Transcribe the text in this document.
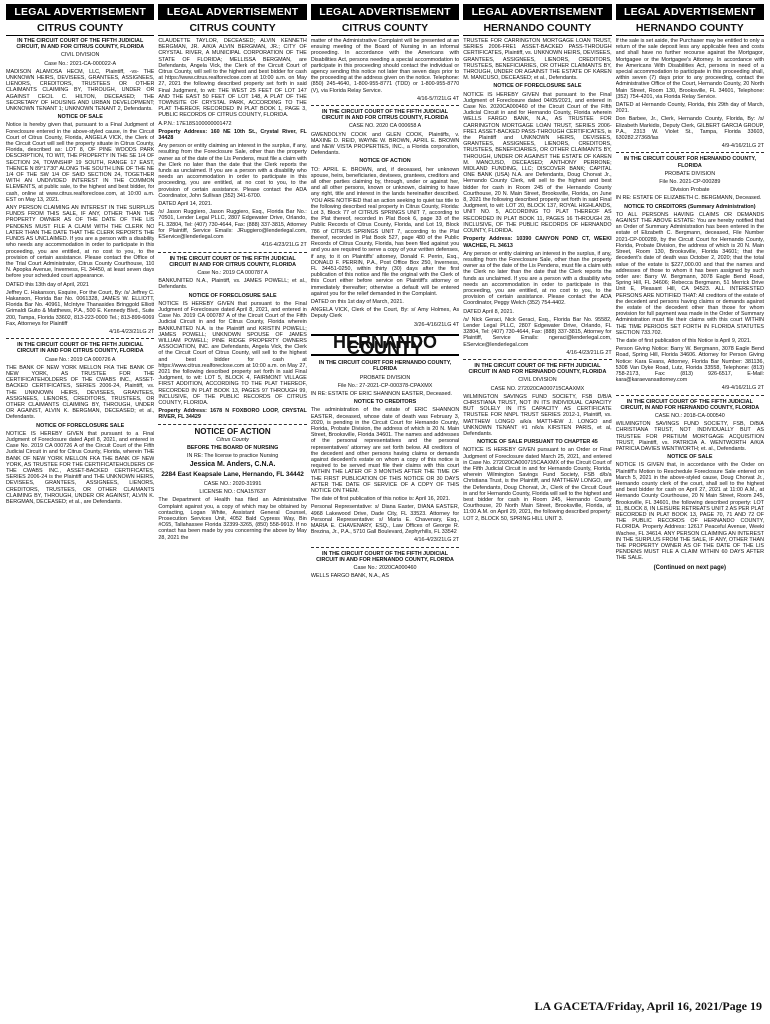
LEGAL ADVERTISEMENT
CITRUS COUNTY

IN THE CIRCUIT COURT OF THE FIFTH JUDICIAL CIRCUIT, IN AND FOR CITRUS COUNTY, FLORIDA

CIVIL DIVISION

Case No.: 2021-CA-000022-A

MADISON ALAMOSA HECM, LLC, Plaintiff, -vs- THE UNKNOWN HEIRS, DEVISEES, GRANTEES, ASSIGNEES, LIENORS, CREDITORS, TRUSTEES OR OTHER CLAIMANTS CLAIMING BY, THROUGH, UNDER OR AGAINST CECIL C. HILTON, DECEASED; THE SECRETARY OF HOUSING AND URBAN DEVELOPMENT; UNKNOWN TENANT 1; UNKNOWN TENANT 2, Defendants.

NOTICE OF SALE

Notice is hereby given that, pursuant to a Final Judgment of Foreclosure entered in the above-styled cause, in the Circuit Court of Citrus County, Florida, ANGELA VICK, the Clerk of the Circuit Court will sell the property situate in Citrus County, Florida, described as: LOT 8, OF PINE WOODS PARK DESCRIPTION, TO WIT, THE PROPERTY IN THE SE 1/4 OF SECTION 24, TOWNSHIP 19 SOUTH, RANGE 17 EAST, THENCE N 89°17'30" ALONG THE SOUTH LINE OF THE NE 1/4 OF THE SW 1/4 OF SAID SECTION 24, TOGETHER WITH AN UNDIVIDED INTEREST IN THE COMMON ELEMENTS, at public sale, to the highest and best bidder, for cash, online at www.citrus.realforeclose.com, at 10:00 a.m. EST on May 13, 2021.

ANY PERSON CLAIMING AN INTEREST IN THE SURPLUS FUNDS FROM THIS SALE, IF ANY, OTHER THAN THE PROPERTY OWNER AS OF THE DATE OF THE LIS PENDENS MUST FILE A CLAIM WITH THE CLERK NO LATER THAN THE DATE THAT THE CLERK REPORTS THE FUNDS AS UNCLAIMED. If you are a person with a disability who needs any accommodation in order to participate in this proceeding, you are entitled, at no cost to you, to the provision of certain assistance. Please contact the Office of the Trial Court Administrator, Citrus County Courthouse, 110 N. Apopka Avenue, Inverness, FL 34450, at least seven days before your scheduled court appearance.

DATED this 13th day of April, 2021

Jeffrey C. Hakanson, Esquire, For the Court, By: /s/ Jeffrey C. Hakanson, Florida Bar No. 0061328, JAMES W. ELLIOTT, Florida Bar No. 40961, McIntyre Thanasides Bringgold Elliott Grimaldi Guito & Matthews, P.A., 500 E. Kennedy Blvd., Suite 200, Tampa, Florida 33602, 813-223-0000 Tel.; 813-899-6069 Fax, Attorneys for Plaintiff

4/16-4/23/21LG 2T

IN THE CIRCUIT COURT OF THE FIFTH JUDICIAL CIRCUIT IN AND FOR CITRUS COUNTY, FLORIDA

Case No.: 2019 CA 000726 A

THE BANK OF NEW YORK MELLON FKA THE BANK OF NEW YORK, AS TRUSTEE FOR THE CERTIFICATEHOLDERS OF THE CWABS INC., ASSET-BACKED CERTIFICATES, SERIES 2006-24, Plaintiff, vs. THE UNKNOWN HEIRS, DEVISEES, GRANTEES, ASSIGNEES, LIENORS, CREDITORS, TRUSTEES, OR OTHER CLAIMANTS CLAIMING BY, THROUGH, UNDER OR AGAINST, ALVIN K. BERGMAN, DECEASED; et al., Defendants.

NOTICE OF FORECLOSURE SALE

NOTICE IS HEREBY GIVEN that pursuant to a Final Judgment of Foreclosure dated April 8, 2021, and entered in Case No. 2019 CA 000726 A of the Circuit Court of the Fifth Judicial Circuit in and for Citrus County, Florida, wherein THE BANK OF NEW YORK MELLON FKA THE BANK OF NEW YORK, AS TRUSTEE FOR THE CERTIFICATEHOLDERS OF THE CWABS INC., ASSET-BACKED CERTIFICATES, SERIES 2006-24 is the Plaintiff and THE UNKNOWN HEIRS, DEVISEES, GRANTEES, ASSIGNEES, LIENORS, CREDITORS, TRUSTEES, OR OTHER CLAIMANTS CLAIMING BY, THROUGH, UNDER OR AGAINST, ALVIN K. BERGMAN, DECEASED; et al., are Defendants.

LEGAL ADVERTISEMENT
CITRUS COUNTY

CLAUDETTE TAYLOR, DECEASED; ALVIN KENNETH BERGMAN, JR. A/K/A ALVIN BERGMAN, JR.; CITY OF CRYSTAL RIVER, A MUNICIPAL CORPORATION OF THE STATE OF FLORIDA; MELLISSA BERGMAN, are Defendants, Angela Vick, the Clerk of the Circuit Court of Citrus County, will sell to the highest and best bidder for cash at https://www.citrus.realforeclose.com at 10:00 a.m. on May 27, 2021 the following described property set forth in said Final Judgment, to wit: THE WEST 25 FEET OF LOT 147 AND THE EAST 50 FEET OF LOT 148, A PLAT OF THE TOWNSITE OF CRYSTAL PARK, ACCORDING TO THE PLAT THEREOF, RECORDED IN PLAT BOOK 1, PAGE 3, PUBLIC RECORDS OF CITRUS COUNTY, FLORIDA.

A.P.N.: 17E18S100000001472

Property Address: 160 NE 10th St., Crystal River, FL 34428

Any person or entity claiming an interest in the surplus, if any, resulting from the Foreclosure Sale, other than the property owner as of the date of the Lis Pendens, must file a claim with the Clerk no later than the date that the Clerk reports the funds as unclaimed. If you are a person with a disability who needs an accommodation in order to participate in this proceeding, you are entitled, at no cost to you, to the provision of certain assistance. Please contact the ADA Coordinator, John Sullivan (352) 341-6700.

DATED April 14, 2021.

/s/ Jason Ruggiero, Jason Ruggiero, Esq., Florida Bar No.: 70501, Lender Legal PLLC, 2807 Edgewater Drive, Orlando, FL 32804, Tel: (407) 730-4644, Fax: (888) 337-3815, Attorney for Plaintiff, Service Emails: JRuggiero@lenderlegal.com, EService@lenderlegal.com

4/16-4/23/21LG 2T

IN THE CIRCUIT COURT OF THE FIFTH JUDICIAL CIRCUIT IN AND FOR CITRUS COUNTY, FLORIDA

Case No.: 2019 CA 000787 A

BANKUNITED N.A., Plaintiff, vs. JAMES POWELL; et al., Defendants.

NOTICE OF FORECLOSURE SALE

NOTICE IS HEREBY GIVEN that pursuant to the Final Judgment of Foreclosure dated April 8, 2021, and entered in Case No. 2019 CA 000787 A of the Circuit Court of the Fifth Judicial Circuit in and for Citrus County, Florida wherein BANKUNITED N.A. is the Plaintiff and KRISTIN POWELL; JAMES POWELL; UNKNOWN SPOUSE OF JAMES WILLIAM POWELL; PINE RIDGE PROPERTY OWNERS ASSOCIATION, INC. are Defendants, Angela Vick, the Clerk of the Circuit Court of Citrus County, will sell to the highest and best bidder for cash at https://www.citrus.realforeclose.com at 10:00 a.m. on May 27, 2021 the following described property set forth in said Final Judgment, to wit: LOT 5, BLOCK 4, FAIRMONT VILLAGE FIRST ADDITION, ACCORDING TO THE PLAT THEREOF, RECORDED IN PLAT BOOK 13, PAGES 97 THROUGH 99, INCLUSIVE, OF THE PUBLIC RECORDS OF CITRUS COUNTY, FLORIDA.

Property Address: 1678 N FOXBORO LOOP, CRYSTAL RIVER, FL 34429

NOTICE OF ACTION

Citrus County

BEFORE THE BOARD OF NURSING

IN RE: The license to practice Nursing

Jessica M. Anders, C.N.A.

2284 East Keapsale Lane, Hernando, FL 34442

CASE NO.: 2020-31991

LICENSE NO.: CNA157637

The Department of Health has filed an Administrative Complaint against you, a copy of which may be obtained by contacting, Logan White, Assistant General Counsel, Prosecution Services Unit, 4052 Bald Cypress Way, Bin #C65, Tallahassee Florida 32399-3265, (850) 558-9913. If no contact has been made by you concerning the above by May 28, 2021 the

LEGAL ADVERTISEMENT
CITRUS COUNTY

matter of the Administrative Complaint will be presented at an ensuing meeting of the Board of Nursing in an informal proceeding. In accordance with the Americans with Disabilities Act, persons needing a special accommodation to participate in this proceeding should contact the individual or agency sending this notice not later than seven days prior to the proceeding at the address given on the notice. Telephone: (850) 245-4640, 1-800-955-8771 (TDD) or 1-800-955-8770 (V), via Florida Relay Service.

4/16-5/7/21LG 4T

IN THE CIRCUIT COURT OF THE FIFTH JUDICIAL CIRCUIT IN AND FOR CITRUS COUNTY, FLORIDA

CASE NO. 2020 CA 000658 A

GWENDOLYN COOK and GLEN COOK, Plaintiffs, v. MAXINE D. REID, WAYNE W. BROWN, APRIL E. BROWN and NEW VISTA PROPERTIES, INC., a Florida corporation, Defendants.

NOTICE OF ACTION

TO: APRIL E. BROWN, and, if deceased, her unknown spouse, heirs, beneficiaries, devisees, grantees, creditors and all other parties claiming by, through, under or against her, and all other persons, known or unknown, claiming to have any right, title and interest in the lands hereinafter described. YOU ARE NOTIFIED that an action seeking to quiet tax title to the following described real property in Citrus County, Florida: Lot 3, Block 77 of CITRUS SPRINGS UNIT 7, according to the Plat thereof, recorded in Plat Book 6, page 33 of the Public Records of Citrus County, Florida, and Lot 19, Block 786 of CITRUS SPRINGS UNIT 7, according to the Plat thereof, recorded in Plat Book 527, page 480 of the Public Records of Citrus County, Florida, has been filed against you and you are required to serve a copy of your written defenses, if any, to it on Plaintiffs' attorney, Donald F. Perrin, Esq., DONALD F. PERRIN, P.A., Post Office Box 250, Inverness, FL 34451-0250, within thirty (30) days after the first publication of this notice and file the original with the Clerk of this Court either before service on Plaintiff's attorney or immediately thereafter; otherwise a default will be entered against you for the relief demanded in the Complaint.

DATED on this 1st day of March, 2021.

ANGELA VICK, Clerk of the Court, By: s/ Amy Holmes, As Deputy Clerk

3/26-4/16/21LG 4T
HERNANDO COUNTY

IN THE CIRCUIT COURT FOR HERNANDO COUNTY, FLORIDA

PROBATE DIVISION

File No.: 27-2021-CP-000378-CPAXMX

IN RE: ESTATE OF ERIC SHANNON EASTER, Deceased.

NOTICE TO CREDITORS

The administration of the estate of ERIC SHANNON EASTER, deceased, whose date of death was February 3, 2020, is pending in the Circuit Court for Hernando County, Florida, Probate Division, the address of which is 20 N. Main Street, Brooksville, Florida 34601. The names and addresses of the personal representatives and the personal representatives' attorney are set forth below. All creditors of the decedent and other persons having claims or demands against decedent's estate on whom a copy of this notice is required to be served must file their claims with this court WITHIN THE LATER OF 3 MONTHS AFTER THE TIME OF THE FIRST PUBLICATION OF THIS NOTICE OR 30 DAYS AFTER THE DATE OF SERVICE OF A COPY OF THIS NOTICE ON THEM.

The date of first publication of this notice is: April 16, 2021.

Personal Representative: s/ Diana Easter, DIANA EASTER, 4968 Lakewood Drive, Dade City, FL 33523. Attorney for Personal Representative: s/ Maria E. Chavenary, Esq., MARIA E. CHAVENARY, ESQ., Law Offices of George R. Brezina, Jr., P.A., 5710 Gall Boulevard, Zephyrhills, FL 33542

4/16-4/23/21LG 2T

IN THE CIRCUIT COURT OF THE FIFTH JUDICIAL CIRCUIT IN AND FOR HERNANDO COUNTY, FLORIDA

Case No.: 2020CA000460

WELLS FARGO BANK, N.A., AS

LEGAL ADVERTISEMENT
HERNANDO COUNTY

TRUSTEE FOR CARRINGTON MORTGAGE LOAN TRUST, SERIES 2006-FRE1 ASSET-BACKED PASS-THROUGH CERTIFICATES, Plaintiff, vs. UNKNOWN HEIRS, DEVISEES, GRANTEES, ASSIGNEES, LIENORS, CREDITORS, TRUSTEES, BENEFICIARIES, OR OTHER CLAIMANTS BY, THROUGH, UNDER OR AGAINST THE ESTATE OF KAREN M. MANCUSO, DECEASED; et al., Defendants.

NOTICE OF FORECLOSURE SALE

NOTICE IS HEREBY GIVEN that pursuant to the Final Judgment of Foreclosure dated 04/05/2021, and entered in Case No. 2020CA000460 of the Circuit Court of the Fifth Judicial Circuit in and for Hernando County, Florida wherein WELLS FARGO BANK, N.A., AS TRUSTEE FOR CARRINGTON MORTGAGE LOAN TRUST, SERIES 2006-FRE1 ASSET-BACKED PASS-THROUGH CERTIFICATES, is the Plaintiff and UNKNOWN HEIRS, DEVISEES, GRANTEES, ASSIGNEES, LIENORS, CREDITORS, TRUSTEES, BENEFICIARIES, OR OTHER CLAIMANTS BY, THROUGH, UNDER OR AGAINST THE ESTATE OF KAREN M. MANCUSO, DECEASED; ANTHONY PERRONE; MIDLAND FUNDING, LLC; DISCOVER BANK; CAPITAL ONE BANK (USA) N.A. are Defendants, Doug Chorvat Jr., Hernando County Clerk, will sell to the highest and best bidder for cash in Room 245 of the Hernando County Courthouse, 20 N. Main Street, Brooksville, Florida, on June 8, 2021 the following described property set forth in said Final Judgment, to wit: LOT 20, BLOCK 137, ROYAL HIGHLANDS, UNIT NO. 5, ACCORDING TO PLAT THEREOF AS RECORDED IN PLAT BOOK 11, PAGES 16 THROUGH 28, INCLUSIVE, OF THE PUBLIC RECORDS OF HERNANDO COUNTY, FLORIDA.

Property Address: 10390 CANYON POND CT, WEEKI WACHEE, FL 34613

Any person or entity claiming an interest in the surplus, if any, resulting from the Foreclosure Sale, other than the property owner as of the date of the Lis Pendens, must file a claim with the Clerk no later than the date that the Clerk reports the funds as unclaimed. If you are a person with a disability who needs an accommodation in order to participate in this proceeding, you are entitled, at no cost to you, to the provision of certain assistance. Please contact the ADA Coordinator, Peggy Welch (352) 754-4402.

DATED April 8, 2021.

/s/ Nick Geraci, Nick Geraci, Esq., Florida Bar No. 95582, Lender Legal PLLC, 2807 Edgewater Drive, Orlando, FL 32804, Tel: (407) 730-4644, Fax: (888) 337-3815, Attorney for Plaintiff, Service Emails: ngeraci@lenderlegal.com, EService@lenderlegal.com

4/16-4/23/21LG 2T

IN THE CIRCUIT COURT OF THE FIFTH JUDICIAL CIRCUIT IN AND FOR HERNANDO COUNTY, FLORIDA

CIVIL DIVISION

CASE NO. 272020CA000715CAAXMX

WILMINGTON SAVINGS FUND SOCIETY, FSB D/B/A CHRISTIANA TRUST, NOT IN ITS INDIVIDUAL CAPACITY BUT SOLELY IN ITS CAPACITY AS CERTIFICATE TRUSTEE FOR NNPL TRUST SERIES 2012-1, Plaintiff, vs. MATTHEW LONGO a/k/a MATTHEW J. LONGO and UNKNOWN TENANT #1 n/k/a KIRSTEN PARIS, et al, Defendants.

NOTICE OF SALE PURSUANT TO CHAPTER 45

NOTICE IS HEREBY GIVEN pursuant to an Order or Final Judgment of Foreclosure dated March 25, 2021, and entered in Case No. 272020CA000715CAAXMX of the Circuit Court of the Fifth Judicial Circuit in and for Hernando County, Florida, wherein Wilmington Savings Fund Society, FSB d/b/a Christiana Trust, is the Plaintiff, and MATTHEW LONGO, are the Defendants, Doug Chorvat, Jr., Clerk of the Circuit Court in and for Hernando County, Florida will sell to the highest and best bidder for cash in Room 245, Hernando County Courthouse, 20 North Main Street, Brooksville, Florida, at 11:00 A.M. on April 29, 2021, the following described property: LOT 2, BLOCK 50, SPRING HILL UNIT 3.

LEGAL ADVERTISEMENT
HERNANDO COUNTY

If the sale is set aside, the Purchaser may be entitled to only a return of the sale deposit less any applicable fees and costs and shall have no further recourse against the Mortgagor, Mortgagee or the Mortgagee's Attorney. In accordance with the Americans With Disabilities Act, persons in need of a special accommodation to participate in this proceeding shall, within seven (7) days prior to any proceeding, contact the Administrative Office of the Court, Hernando County, 20 North Main Street, Room 130, Brooksville, FL 34601, Telephone: (352) 754-4201, via Florida Relay Service.

DATED at Hernando County, Florida, this 29th day of March, 2021.

Don Barbee, Jr., Clerk, Hernando County, Florida, By: /s/ Elizabeth Markidis, Deputy Clerk, GILBERT GARCIA GROUP, P.A., 2313 W. Violet St., Tampa, Florida 33603, 630282.27368/las

4/9-4/16/21LG 2T

IN THE CIRCUIT COURT FOR HERNANDO COUNTY, FLORIDA

PROBATE DIVISION

File No. 2021-CP-000289

Division Probate

IN RE: ESTATE OF ELIZABETH C. BERGMANN, Deceased.

NOTICE TO CREDITORS (Summary Administration)

TO ALL PERSONS HAVING CLAIMS OR DEMANDS AGAINST THE ABOVE ESTATE: You are hereby notified that an Order of Summary Administration has been entered in the estate of Elizabeth C. Bergmann, deceased, File Number 2021-CP-000289, by the Circuit Court for Hernando County, Florida, Probate Division, the address of which is 20 N. Main Street, Room 130, Brooksville, Florida 34601; that the decedent's date of death was October 2, 2020; that the total value of the estate is $227,000.00 and that the names and addresses of those to whom it has been assigned by such order are: Barry W. Bergmann, 3078 Eagle Bend Road, Spring Hill, FL 34606; Rebecca Bergmann, 51 Merrick Drive Unit E, Pleasant Hill, CA 94523. ALL INTERESTED PERSONS ARE NOTIFIED THAT: All creditors of the estate of the decedent and persons having claims or demands against the estate of the decedent other than those for whom provision for full payment was made in the Order of Summary Administration must file their claims with this court WITHIN THE TIME PERIODS SET FORTH IN FLORIDA STATUTES SECTION 733.702.

The date of first publication of this Notice is April 9, 2021.

Person Giving Notice: Barry W. Bergmann, 3078 Eagle Bend Road, Spring Hill, Florida 34606. Attorney for Person Giving Notice: Kara Evans, Attorney, Florida Bar Number: 381136, 5308 Van Dyke Road, Lutz, Florida 33558, Telephone: (813) 758-2173, Fax: (813) 926-6517, E-Mail: kara@karaevansattorney.com

4/9-4/16/21LG 2T

IN THE CIRCUIT COURT OF THE FIFTH JUDICIAL CIRCUIT, IN AND FOR HERNANDO COUNTY, FLORIDA

CASE NO.: 2018-CA-000540

WILMINGTON SAVINGS FUND SOCIETY, FSB, D/B/A CHRISTIANA TRUST, NOT INDIVIDUALLY BUT AS TRUSTEE FOR PRETIUM MORTGAGE ACQUISITION TRUST, Plaintiff, vs. PATRICIA A. WENTWORTH A/K/A PATRICIA DAVIES WENTWORTH; et. al., Defendants.

NOTICE OF SALE

NOTICE IS GIVEN that, in accordance with the Order on Plaintiff's Motion to Reschedule Foreclosure Sale entered on March 5, 2021 in the above-styled cause, Doug Chorvat Jr., Hernando county clerk of the court, shall sell to the highest and best bidder for cash on April 27, 2021 at 11:00 A.M., at Hernando County Courthouse, 20 N Main Street, Room 245, Brooksville, FL 34601, the following described property: LOT 11, BLOCK 8, IN LEISURE RETREATS UNIT 2 AS PER PLAT RECORDED IN PLAT BOOK 13, PAGE 70, 71 AND 72 OF THE PUBLIC RECORDS OF HERNANDO COUNTY, FLORIDA. Property Address: 12617 Peaceful Avenue, Weeki Wachee, FL 34614. ANY PERSON CLAIMING AN INTEREST IN THE SURPLUS FROM THE SALE, IF ANY, OTHER THAN THE PROPERTY OWNER AS OF THE DATE OF THE LIS PENDENS MUST FILE A CLAIM WITHIN 60 DAYS AFTER THE SALE.

(Continued on next page)
LA GACETA/Friday, April 16, 2021/Page 19
